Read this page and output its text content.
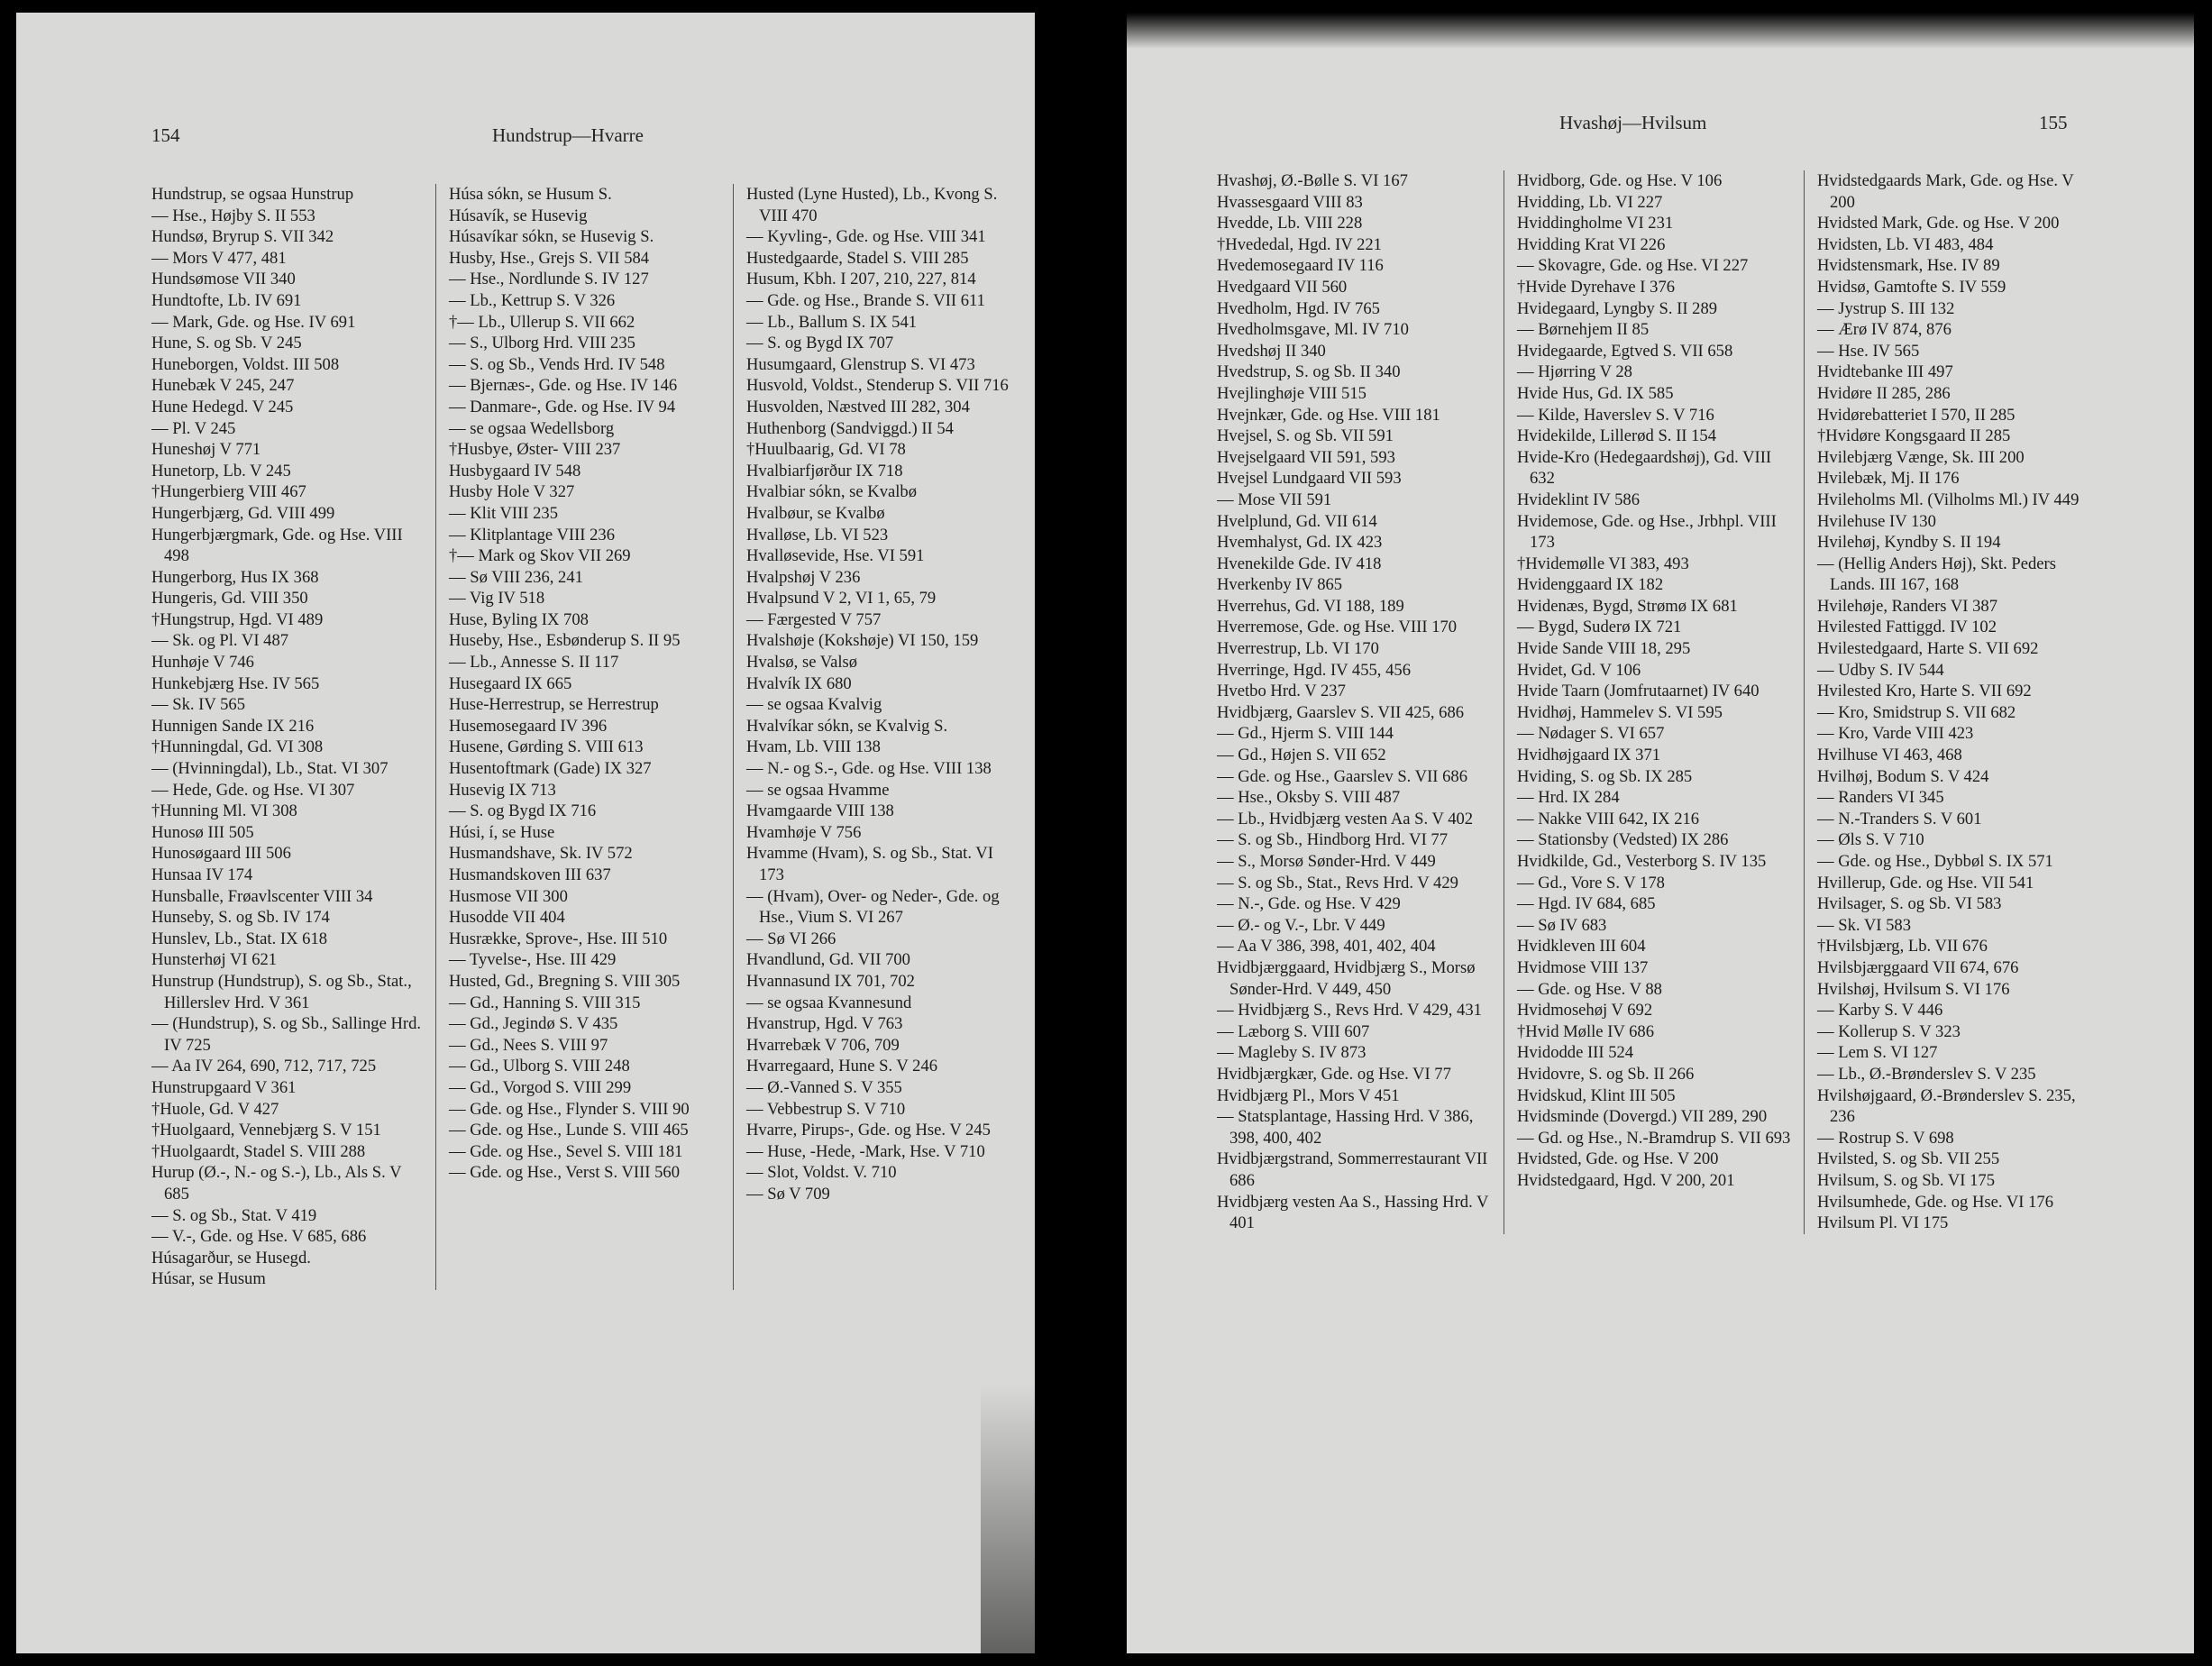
154	Hundstrup—Hvarre
Hundstrup, se ogsaa Hunstrup
— Hse., Højby S. II 553
Hundsø, Bryrup S. VII 342
— Mors V 477, 481
Hundsømose VII 340
Hundtofte, Lb. IV 691
— Mark, Gde. og Hse. IV 691
Hune, S. og Sb. V 245
Huneborgen, Voldst. III 508
Hunebæk V 245, 247
Hune Hedegd. V 245
— Pl. V 245
Huneshøj V 771
Hunetorp, Lb. V 245
†Hungerbierg VIII 467
Hungerbjærg, Gd. VIII 499
Hungerbjærgmark, Gde. og Hse. VIII 498
Hungerborg, Hus IX 368
Hungeris, Gd. VIII 350
†Hungstrup, Hgd. VI 489
— Sk. og Pl. VI 487
Hunhøje V 746
Hunkebjærg Hse. IV 565
— Sk. IV 565
Hunnigen Sande IX 216
†Hunningdal, Gd. VI 308
— (Hvinningdal), Lb., Stat. VI 307
— Hede, Gde. og Hse. VI 307
†Hunning Ml. VI 308
Hunosø III 505
Hunosøgaard III 506
Hunsaa IV 174
Hunsballe, Frøavlscenter VIII 34
Hunseby, S. og Sb. IV 174
Hunslev, Lb., Stat. IX 618
Hunsterhøj VI 621
Hunstrup (Hundstrup), S. og Sb., Stat., Hillerslev Hrd. V 361
— (Hundstrup), S. og Sb., Sallinge Hrd. IV 725
— Aa IV 264, 690, 712, 717, 725
Hunstrupgaard V 361
†Huole, Gd. V 427
†Huolgaard, Vennebjærg S. V 151
†Huolgaardt, Stadel S. VIII 288
Hurup (Ø.-, N.- og S.-), Lb., Als S. V 685
— S. og Sb., Stat. V 419
— V.-, Gde. og Hse. V 685, 686
Húsagarður, se Husegd.
Húsar, se Husum
Húsa sókn, se Husum S.
Húsavík, se Husevig
Húsavíkar sókn, se Husevig S.
Husby, Hse., Grejs S. VII 584
— Hse., Nordlunde S. IV 127
— Lb., Kettrup S. V 326
†— Lb., Ullerup S. VII 662
— S., Ulborg Hrd. VIII 235
— S. og Sb., Vends Hrd. IV 548
— Bjernæs-, Gde. og Hse. IV 146
— Danmare-, Gde. og Hse. IV 94
— se ogsaa Wedellsborg
†Husbye, Øster- VIII 237
Husbygaard IV 548
Husby Hole V 327
— Klit VIII 235
— Klitplantage VIII 236
†— Mark og Skov VII 269
— Sø VIII 236, 241
— Vig IV 518
Huse, Byling IX 708
Huseby, Hse., Esbønderup S. II 95
— Lb., Annesse S. II 117
Husegaard IX 665
Huse-Herrestrup, se Herrestrup
Husemosegaard IV 396
Husene, Gørding S. VIII 613
Husentoftmark (Gade) IX 327
Husevig IX 713
— S. og Bygd IX 716
Húsi, í, se Huse
Husmandshave, Sk. IV 572
Husmandskoven III 637
Husmose VII 300
Husodde VII 404
Husrække, Sprove-, Hse. III 510
— Tyvelse-, Hse. III 429
Husted, Gd., Bregning S. VIII 305
— Gd., Hanning S. VIII 315
— Gd., Jegindø S. V 435
— Gd., Nees S. VIII 97
— Gd., Ulborg S. VIII 248
— Gd., Vorgod S. VIII 299
— Gde. og Hse., Flynder S. VIII 90
— Gde. og Hse., Lunde S. VIII 465
— Gde. og Hse., Sevel S. VIII 181
— Gde. og Hse., Verst S. VIII 560
Husted (Lyne Husted), Lb., Kvong S. VIII 470
— Kyvling-, Gde. og Hse. VIII 341
Hustedgaarde, Stadel S. VIII 285
Husum, Kbh. I 207, 210, 227, 814
— Gde. og Hse., Brande S. VII 611
— Lb., Ballum S. IX 541
— S. og Bygd IX 707
Husumgaard, Glenstrup S. VI 473
Husvold, Voldst., Stenderup S. VII 716
Husvolden, Næstved III 282, 304
Huthenborg (Sandviggd.) II 54
†Huulbaarig, Gd. VI 78
Hvalbiarfjørður IX 718
Hvalbiar sókn, se Kvalbø
Hvalbøur, se Kvalbø
Hvalløse, Lb. VI 523
Hvalløsevide, Hse. VI 591
Hvalpshøj V 236
Hvalpsund V 2, VI 1, 65, 79
— Færgested V 757
Hvalshøje (Kokshøje) VI 150, 159
Hvalsø, se Valsø
Hvalvík IX 680
— se ogsaa Kvalvig
Hvalvíkar sókn, se Kvalvig S.
Hvam, Lb. VIII 138
— N.- og S.-, Gde. og Hse. VIII 138
— se ogsaa Hvamme
Hvamgaarde VIII 138
Hvamhøje V 756
Hvamme (Hvam), S. og Sb., Stat. VI 173
— (Hvam), Over- og Neder-, Gde. og Hse., Vium S. VI 267
— Sø VI 266
Hvandlund, Gd. VII 700
Hvannasund IX 701, 702
— se ogsaa Kvannesund
Hvanstrup, Hgd. V 763
Hvarrebæk V 706, 709
Hvarregaard, Hune S. V 246
— Ø.-Vanned S. V 355
— Vebbestrup S. V 710
Hvarre, Pirups-, Gde. og Hse. V 245
— Huse, -Hede, -Mark, Hse. V 710
— Slot, Voldst. V. 710
— Sø V 709
Hvashøj—Hvilsum	155
Hvashøj, Ø.-Bølle S. VI 167
Hvassesgaard VIII 83
Hvedde, Lb. VIII 228
†Hvededal, Hgd. IV 221
Hvedemosegaard IV 116
Hvedgaard VII 560
Hvedholm, Hgd. IV 765
Hvedholmsgave, Ml. IV 710
Hvedshøj II 340
Hvedstrup, S. og Sb. II 340
Hvejlinghøje VIII 515
Hvejnkær, Gde. og Hse. VIII 181
Hvejsel, S. og Sb. VII 591
Hvejselgaard VII 591, 593
Hvejsel Lundgaard VII 593
— Mose VII 591
Hvelplund, Gd. VII 614
Hvemhalyst, Gd. IX 423
Hvenekilde Gde. IV 418
Hverkenby IV 865
Hverrehus, Gd. VI 188, 189
Hverremose, Gde. og Hse. VIII 170
Hverrestrup, Lb. VI 170
Hverringe, Hgd. IV 455, 456
Hvetbo Hrd. V 237
Hvidbjærg, Gaarslev S. VII 425, 686
— Gd., Hjerm S. VIII 144
— Gd., Højen S. VII 652
— Gde. og Hse., Gaarslev S. VII 686
— Hse., Oksby S. VIII 487
— Lb., Hvidbjærg vesten Aa S. V 402
— S. og Sb., Hindborg Hrd. VI 77
— S., Morsø Sønder-Hrd. V 449
— S. og Sb., Stat., Revs Hrd. V 429
— N.-, Gde. og Hse. V 429
— Ø.- og V.-, Lbr. V 449
— Aa V 386, 398, 401, 402, 404
Hvidbjærggaard, Hvidbjærg S., Morsø Sønder-Hrd. V 449, 450
— Hvidbjærg S., Revs Hrd. V 429, 431
— Læborg S. VIII 607
— Magleby S. IV 873
Hvidbjærgkær, Gde. og Hse. VI 77
Hvidbjærg Pl., Mors V 451
— Statsplantage, Hassing Hrd. V 386, 398, 400, 402
Hvidbjærgstrand, Sommerrestaurant VII 686
Hvidbjærg vesten Aa S., Hassing Hrd. V 401
Hvidborg, Gde. og Hse. V 106
Hvidding, Lb. VI 227
Hviddingholme VI 231
Hvidding Krat VI 226
— Skovagre, Gde. og Hse. VI 227
†Hvide Dyrehave I 376
Hvidegaard, Lyngby S. II 289
— Børnehjem II 85
Hvidegaarde, Egtved S. VII 658
— Hjørring V 28
Hvide Hus, Gd. IX 585
— Kilde, Haverslev S. V 716
Hvidekilde, Lillerød S. II 154
Hvide-Kro (Hedegaardshøj), Gd. VIII 632
Hvideklint IV 586
Hvidemose, Gde. og Hse., Jrbhpl. VIII 173
†Hvidemølle VI 383, 493
Hvidenggaard IX 182
Hvidenæs, Bygd, Strømø IX 681
— Bygd, Suderø IX 721
Hvide Sande VIII 18, 295
Hvidet, Gd. V 106
Hvide Taarn (Jomfrutaarnet) IV 640
Hvidhøj, Hammelev S. VI 595
— Nødager S. VI 657
Hvidhøjgaard IX 371
Hviding, S. og Sb. IX 285
— Hrd. IX 284
— Nakke VIII 642, IX 216
— Stationsby (Vedsted) IX 286
Hvidkilde, Gd., Vesterborg S. IV 135
— Gd., Vore S. V 178
— Hgd. IV 684, 685
— Sø IV 683
Hvidkleven III 604
Hvidmose VIII 137
— Gde. og Hse. V 88
Hvidmosehøj V 692
†Hvid Mølle IV 686
Hvidodde III 524
Hvidovre, S. og Sb. II 266
Hvidskud, Klint III 505
Hvidsminde (Dovergd.) VII 289, 290
— Gd. og Hse., N.-Bramdrup S. VII 693
Hvidsted, Gde. og Hse. V 200
Hvidstedgaard, Hgd. V 200, 201
Hvidstedgaards Mark, Gde. og Hse. V 200
Hvidsted Mark, Gde. og Hse. V 200
Hvidsten, Lb. VI 483, 484
Hvidstensmark, Hse. IV 89
Hvidsø, Gamtofte S. IV 559
— Jystrup S. III 132
— Ærø IV 874, 876
— Hse. IV 565
Hvidtebanke III 497
Hvidøre II 285, 286
Hvidørebatteriet I 570, II 285
†Hvidøre Kongsgaard II 285
Hvilebjærg Vænge, Sk. III 200
Hvilebæk, Mj. II 176
Hvileholms Ml. (Vilholms Ml.) IV 449
Hvilehuse IV 130
Hvilehøj, Kyndby S. II 194
— (Hellig Anders Høj), Skt. Peders Lands. III 167, 168
Hvilehøje, Randers VI 387
Hvilested Fattiggd. IV 102
Hvilestedgaard, Harte S. VII 692
— Udby S. IV 544
Hvilested Kro, Harte S. VII 692
— Kro, Smidstrup S. VII 682
— Kro, Varde VIII 423
Hvilhuse VI 463, 468
Hvilhøj, Bodum S. V 424
— Randers VI 345
— N.-Tranders S. V 601
— Øls S. V 710
— Gde. og Hse., Dybbøl S. IX 571
Hvillerup, Gde. og Hse. VII 541
Hvilsager, S. og Sb. VI 583
— Sk. VI 583
†Hvilsbjærg, Lb. VII 676
Hvilsbjærggaard VII 674, 676
Hvilshøj, Hvilsum S. VI 176
— Karby S. V 446
— Kollerup S. V 323
— Lem S. VI 127
— Lb., Ø.-Brønderslev S. V 235
Hvilshøjgaard, Ø.-Brønderslev S. 235, 236
— Rostrup S. V 698
Hvilsted, S. og Sb. VII 255
Hvilsum, S. og Sb. VI 175
Hvilsumhede, Gde. og Hse. VI 176
Hvilsum Pl. VI 175
